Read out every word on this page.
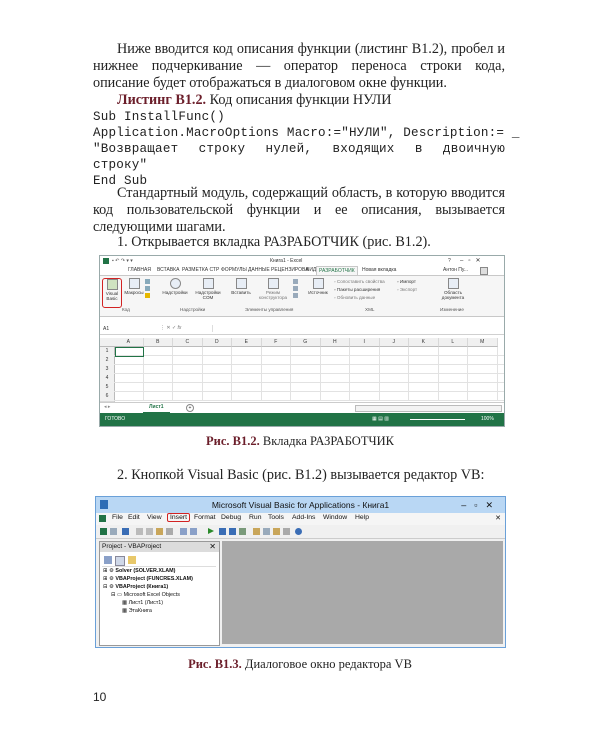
Ниже вводится код описания функции (листинг В1.2), пробел и нижнее подчеркивание — оператор переноса строки кода, описание будет отображаться в диалоговом окне функции.
Листинг В1.2. Код описания функции НУЛИ
Sub InstallFunc()
Application.MacroOptions Macro:="НУЛИ", Description:= _
"Возвращает строку нулей, входящих в двоичную
строку"
End Sub
Стандартный модуль, содержащий область, в которую вводится код пользовательской функции и ее описания, вызывается следующими шагами.
1. Открывается вкладка РАЗРАБОТЧИК (рис. В1.2).
▪ ↶ ↷ ▾ ▾	Книга1 - Excel	? –▫✕
ГЛАВНАЯ ВСТАВКА РАЗМЕТКА СТР ФОРМУЛЫ ДАННЫЕ РЕЦЕНЗИРОВА
ВИД РАЗРАБОТЧИК	Новая вкладка	Антон Пу...
Visual
Basic
Макросы	Надстройки	Надстройки
COM
Вставить	Режим
конструктора
Источник
▫ Сопоставить свойства
▫ Пакеты расширения
▫ Обновить данные
▫ Импорт
▫ Экспорт
Область
документа
Код	Надстройки	Элементы управления	XML	Изменение
A1	⋮ ✕ ✓ fx
A	B	C	D	E	F	G	H	I	J	K	L	M
1
2
3
4
5
6
◂ ▸	Лист1	+
ГОТОВО	▦ ▤ ▥	100%
Рис. В1.2. Вкладка РАЗРАБОТЧИК
2. Кнопкой Visual Basic (рис. В1.2) вызывается редактор VB:
Microsoft Visual Basic for Applications - Книга1	–▫✕
File Edit View	Insert	Format Debug Run Tools Add-Ins Window Help	✕
Project - VBAProject	✕
⊞ ⚙ Solver (SOLVER.XLAM)
⊞ ⚙ VBAProject (FUNCRES.XLAM)
⊟ ⚙ VBAProject (Книга1)
⊟ ▭ Microsoft Excel Objects
▦ Лист1 (Лист1)
▦ ЭтаКнига
Рис. В1.3. Диалоговое окно редактора VB
10
